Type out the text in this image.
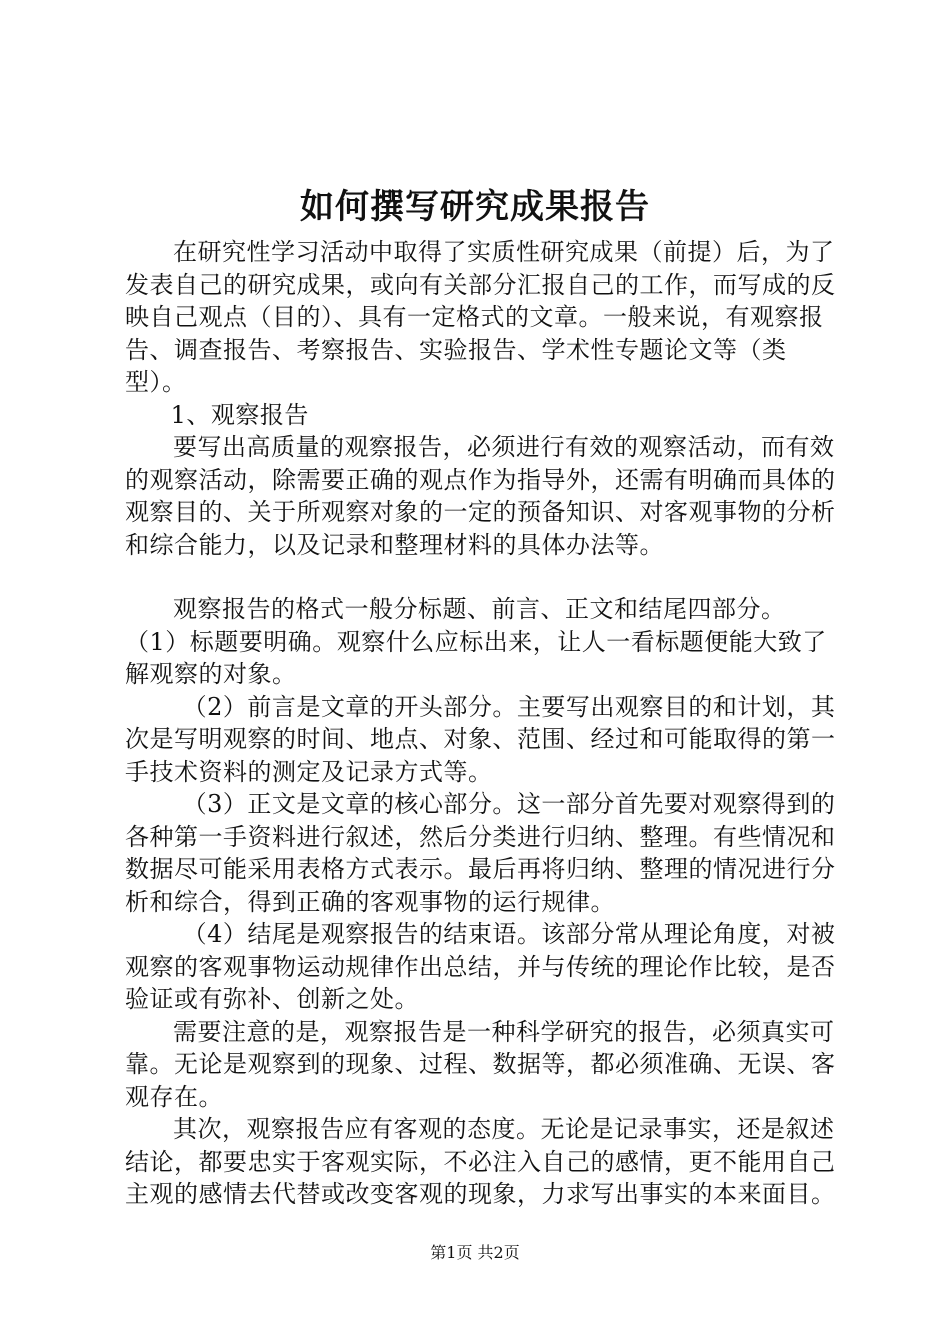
如何撰写研究成果报告

在研究性学习活动中取得了实质性研究成果（前提）后，为了发表自己的研究成果，或向有关部分汇报自己的工作，而写成的反映自己观点（目的）、具有一定格式的文章。一般来说，有观察报告、调查报告、考察报告、实验报告、学术性专题论文等（类型）。

1、观察报告

要写出高质量的观察报告，必须进行有效的观察活动，而有效的观察活动，除需要正确的观点作为指导外，还需有明确而具体的观察目的、关于所观察对象的一定的预备知识、对客观事物的分析和综合能力，以及记录和整理材料的具体办法等。

观察报告的格式一般分标题、前言、正文和结尾四部分。

（1）标题要明确。观察什么应标出来，让人一看标题便能大致了解观察的对象。

（2）前言是文章的开头部分。主要写出观察目的和计划，其次是写明观察的时间、地点、对象、范围、经过和可能取得的第一手技术资料的测定及记录方式等。

（3）正文是文章的核心部分。这一部分首先要对观察得到的各种第一手资料进行叙述，然后分类进行归纳、整理。有些情况和数据尽可能采用表格方式表示。最后再将归纳、整理的情况进行分析和综合，得到正确的客观事物的运行规律。

（4）结尾是观察报告的结束语。该部分常从理论角度，对被观察的客观事物运动规律作出总结，并与传统的理论作比较，是否验证或有弥补、创新之处。

需要注意的是，观察报告是一种科学研究的报告，必须真实可靠。无论是观察到的现象、过程、数据等，都必须准确、无误、客观存在。

其次，观察报告应有客观的态度。无论是记录事实，还是叙述结论，都要忠实于客观实际，不必注入自己的感情，更不能用自己主观的感情去代替或改变客观的现象，力求写出事实的本来面目。

第1页 共2页
